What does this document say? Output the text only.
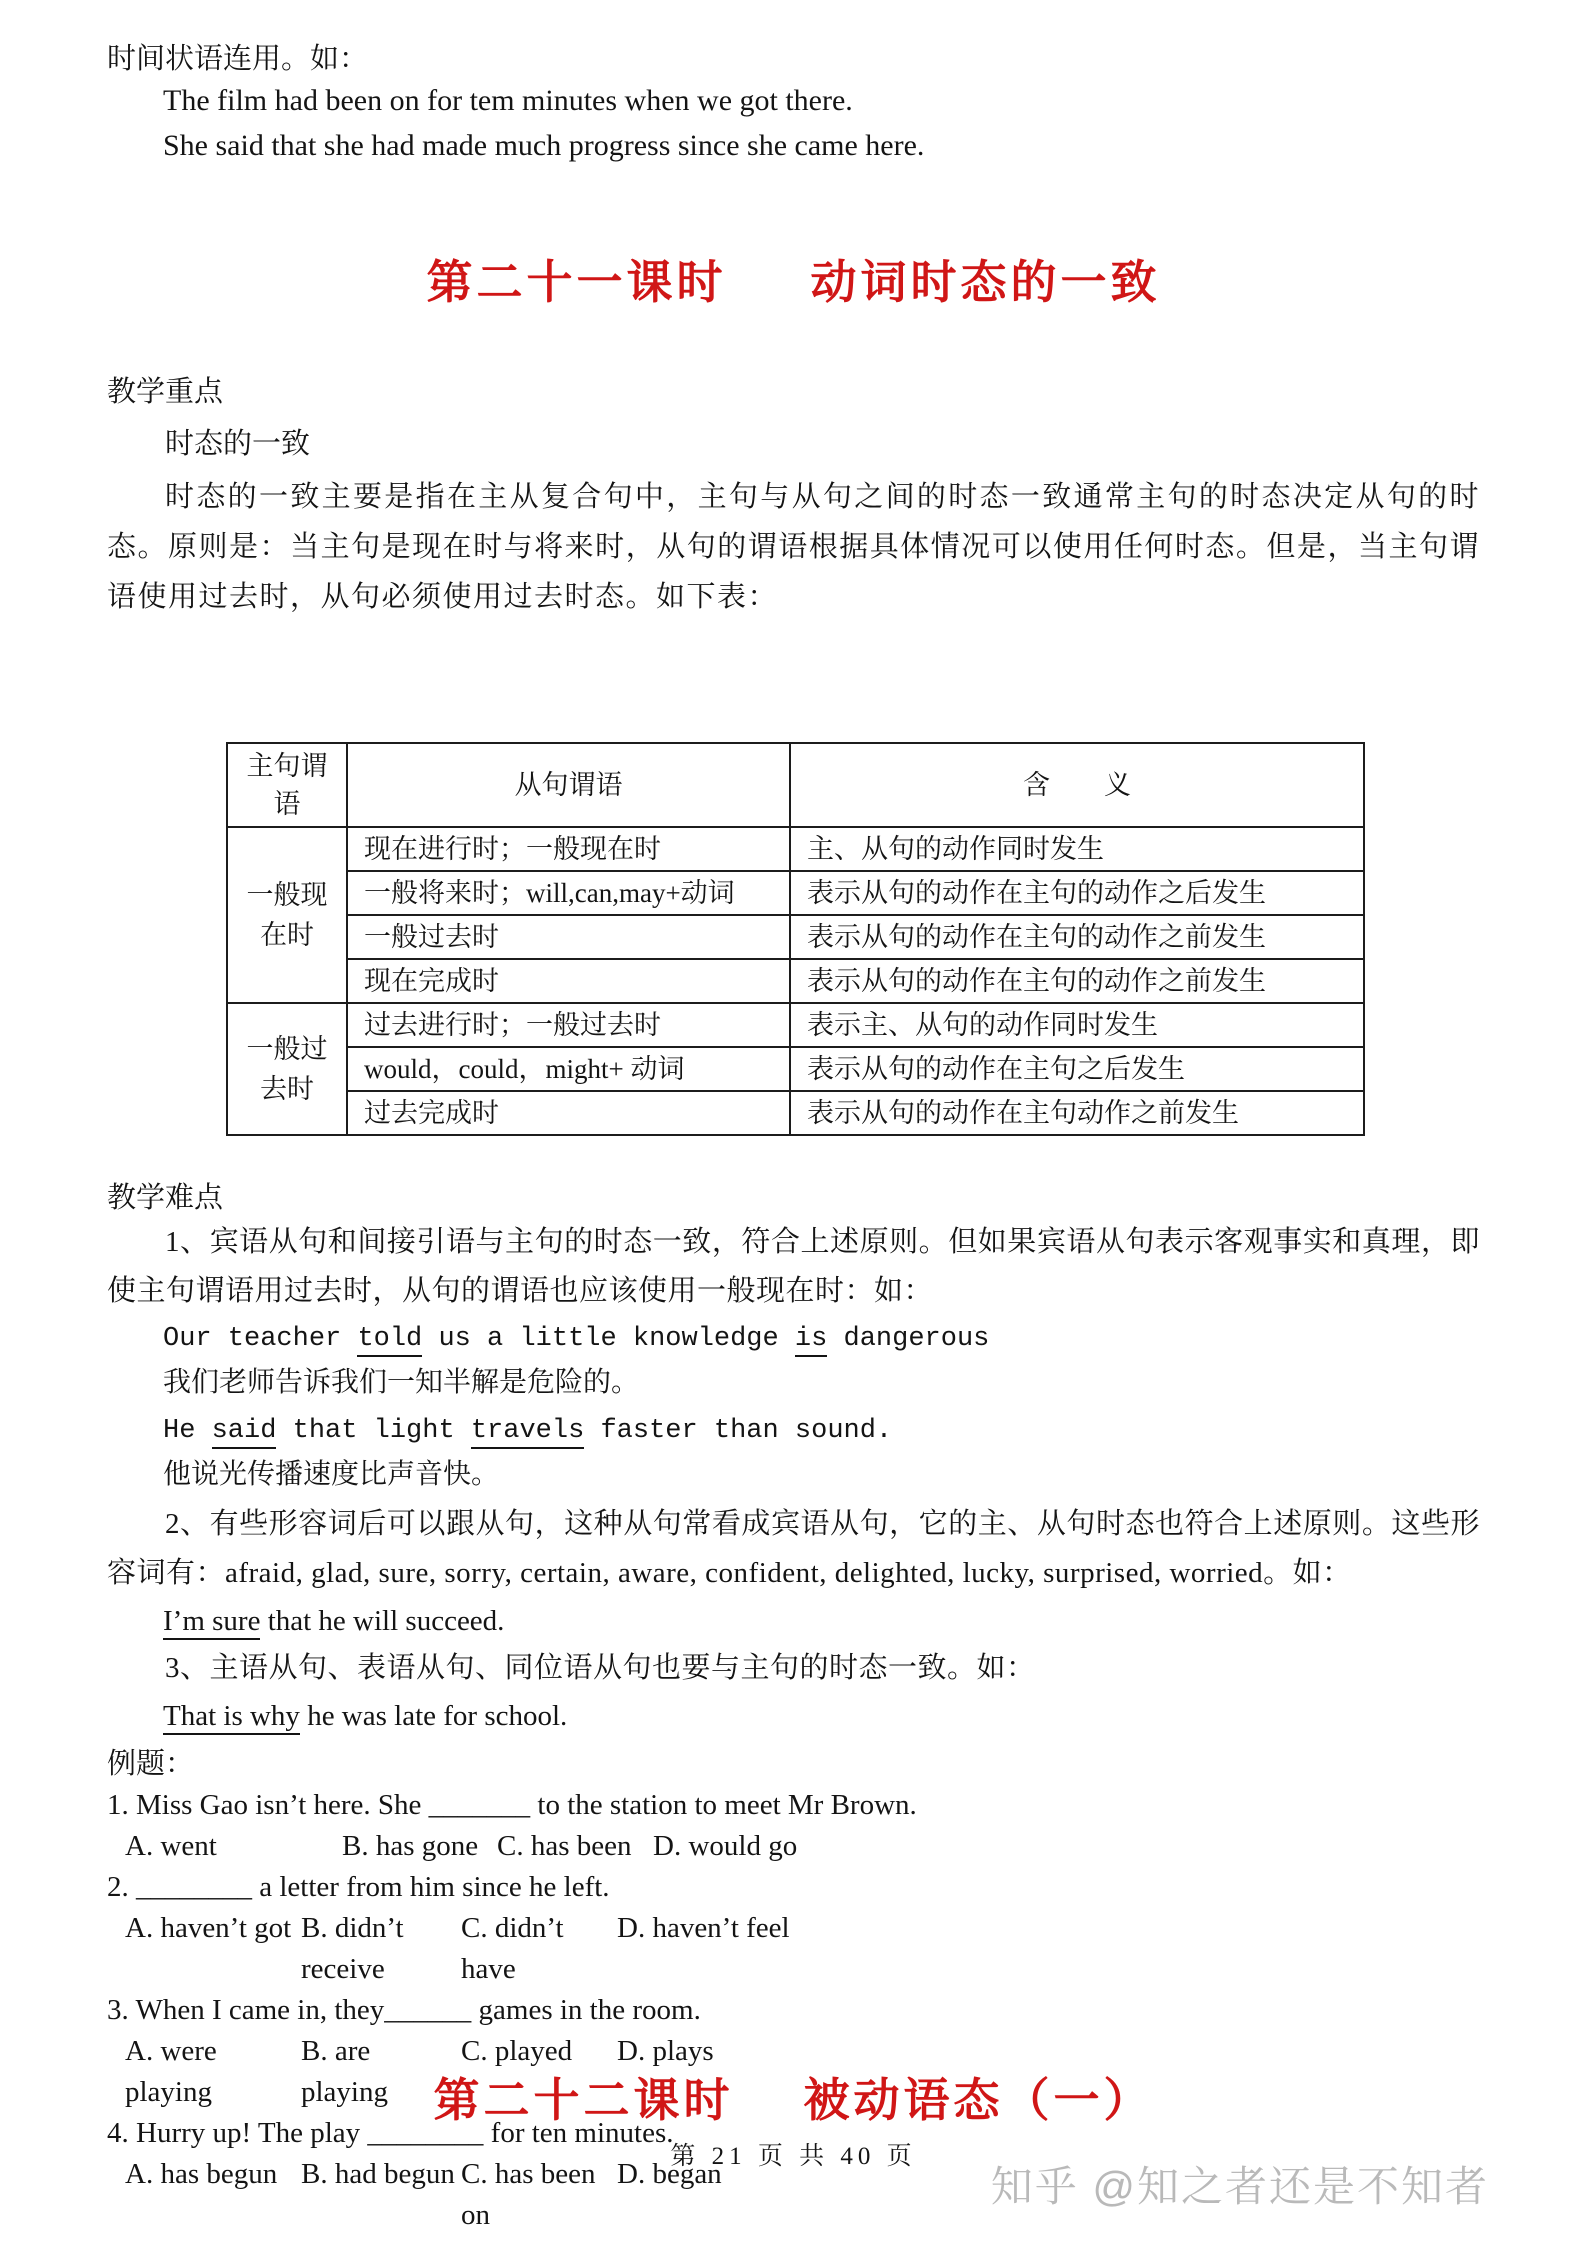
时间状语连用。如：
The film had been on for tem minutes when we got there.
She said that she had made much progress since she came here.
第二十一课时 动词时态的一致
教学重点
时态的一致
时态的一致主要是指在主从复合句中，主句与从句之间的时态一致通常主句的时态决定从句的时态。原则是：当主句是现在时与将来时，从句的谓语根据具体情况可以使用任何时态。但是，当主句谓语使用过去时，从句必须使用过去时态。如下表：
主句谓语	从句谓语	含　　义
一般现在时	现在进行时；一般现在时	主、从句的动作同时发生
	一般将来时；will,can,may+动词	表示从句的动作在主句的动作之后发生
	一般过去时	表示从句的动作在主句的动作之前发生
	现在完成时	表示从句的动作在主句的动作之前发生
一般过去时	过去进行时；一般过去时	表示主、从句的动作同时发生
	would，could，might+ 动词	表示从句的动作在主句之后发生
	过去完成时	表示从句的动作在主句动作之前发生
教学难点
1、宾语从句和间接引语与主句的时态一致，符合上述原则。但如果宾语从句表示客观事实和真理，即使主句谓语用过去时，从句的谓语也应该使用一般现在时：如：
Our teacher told us a little knowledge is dangerous
我们老师告诉我们一知半解是危险的。
He said that light travels faster than sound.
他说光传播速度比声音快。
2、有些形容词后可以跟从句，这种从句常看成宾语从句，它的主、从句时态也符合上述原则。这些形容词有：afraid, glad, sure, sorry, certain, aware, confident, delighted, lucky, surprised, worried。如：
I’m sure that he will succeed.
3、主语从句、表语从句、同位语从句也要与主句的时态一致。如：
That is why he was late for school.
例题：
1. Miss Gao isn’t here. She _______ to the station to meet Mr Brown.
A. went	B. has gone C. has been D. would go
2. ________ a letter from him since he left.
A. haven’t got B. didn’t receive
C. didn’t have
D. haven’t feel
3. When I came in, they______ games in the room.
A. were playing
B. are playing
C. played	D. plays
4. Hurry up! The play ________ for ten minutes.
A. has begun B. had begun C. has been on
D. began
第二十二课时 被动语态（一）
第 21 页 共 40 页
知乎 @知之者还是不知者
